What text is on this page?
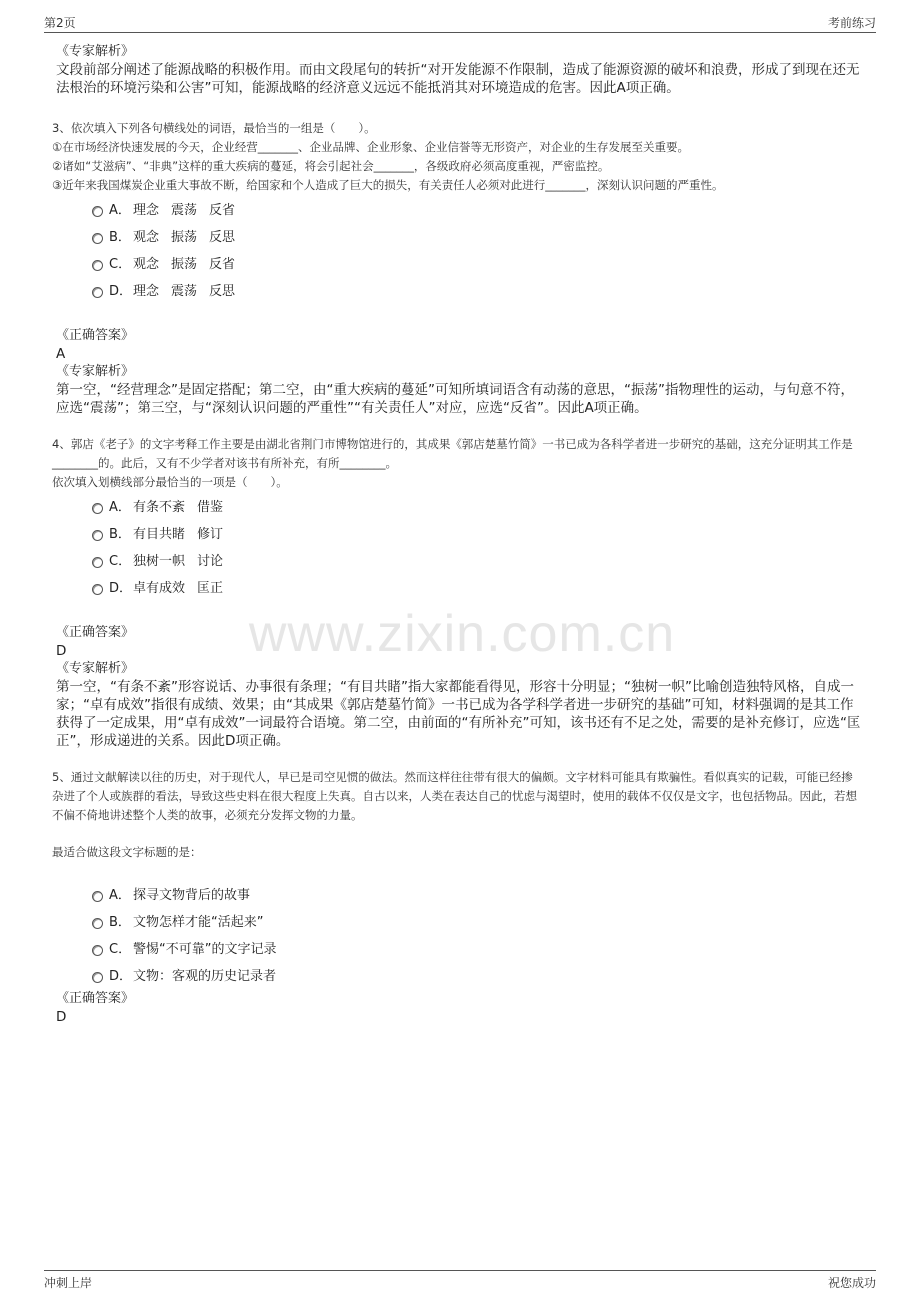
第2页	考前练习
www.zixin.com.cn
《专家解析》
文段前部分阐述了能源战略的积极作用。而由文段尾句的转折“对开发能源不作限制，造成了能源资源的破坏和浪费，形成了到现在还无法根治的环境污染和公害”可知，能源战略的经济意义远远不能抵消其对环境造成的危害。因此A项正确。
3、依次填入下列各句横线处的词语，最恰当的一组是（　　）。
①在市场经济快速发展的今天，企业经营_______、企业品牌、企业形象、企业信誉等无形资产，对企业的生存发展至关重要。
②诸如“艾滋病”、“非典”这样的重大疾病的蔓延，将会引起社会_______，各级政府必须高度重视，严密监控。
③近年来我国煤炭企业重大事故不断，给国家和个人造成了巨大的损失，有关责任人必须对此进行_______，深刻认识问题的严重性。
A． 理念 震荡 反省
B． 观念 振荡 反思
C． 观念 振荡 反省
D．理念 震荡 反思
《正确答案》
A
《专家解析》
第一空，“经营理念”是固定搭配；第二空，由“重大疾病的蔓延”可知所填词语含有动荡的意思，“振荡”指物理性的运动，与句意不符，应选“震荡”；第三空，与“深刻认识问题的严重性”“有关责任人”对应，应选“反省”。因此A项正确。
4、郭店《老子》的文字考释工作主要是由湖北省荆门市博物馆进行的，其成果《郭店楚墓竹简》一书已成为各科学者进一步研究的基础，这充分证明其工作是________的。此后，又有不少学者对该书有所补充，有所________。
依次填入划横线部分最恰当的一项是（　　）。
A． 有条不紊 借鉴
B． 有目共睹 修订
C． 独树一帜 讨论
D．卓有成效 匡正
《正确答案》
D
《专家解析》
第一空，“有条不紊”形容说话、办事很有条理；“有目共睹”指大家都能看得见，形容十分明显；“独树一帜”比喻创造独特风格，自成一家；“卓有成效”指很有成绩、效果；由“其成果《郭店楚墓竹简》一书已成为各学科学者进一步研究的基础”可知，材料强调的是其工作获得了一定成果，用“卓有成效”一词最符合语境。第二空，由前面的“有所补充”可知，该书还有不足之处，需要的是补充修订，应选“匡正”，形成递进的关系。因此D项正确。
5、通过文献解读以往的历史，对于现代人，早已是司空见惯的做法。然而这样往往带有很大的偏颇。文字材料可能具有欺骗性。看似真实的记载，可能已经掺杂进了个人或族群的看法，导致这些史料在很大程度上失真。自古以来，人类在表达自己的忧虑与渴望时，使用的载体不仅仅是文字，也包括物品。因此，若想不偏不倚地讲述整个人类的故事，必须充分发挥文物的力量。
最适合做这段文字标题的是：
A． 探寻文物背后的故事
B． 文物怎样才能“活起来”
C． 警惕“不可靠”的文字记录
D．文物：客观的历史记录者
《正确答案》
D
冲刺上岸	祝您成功
